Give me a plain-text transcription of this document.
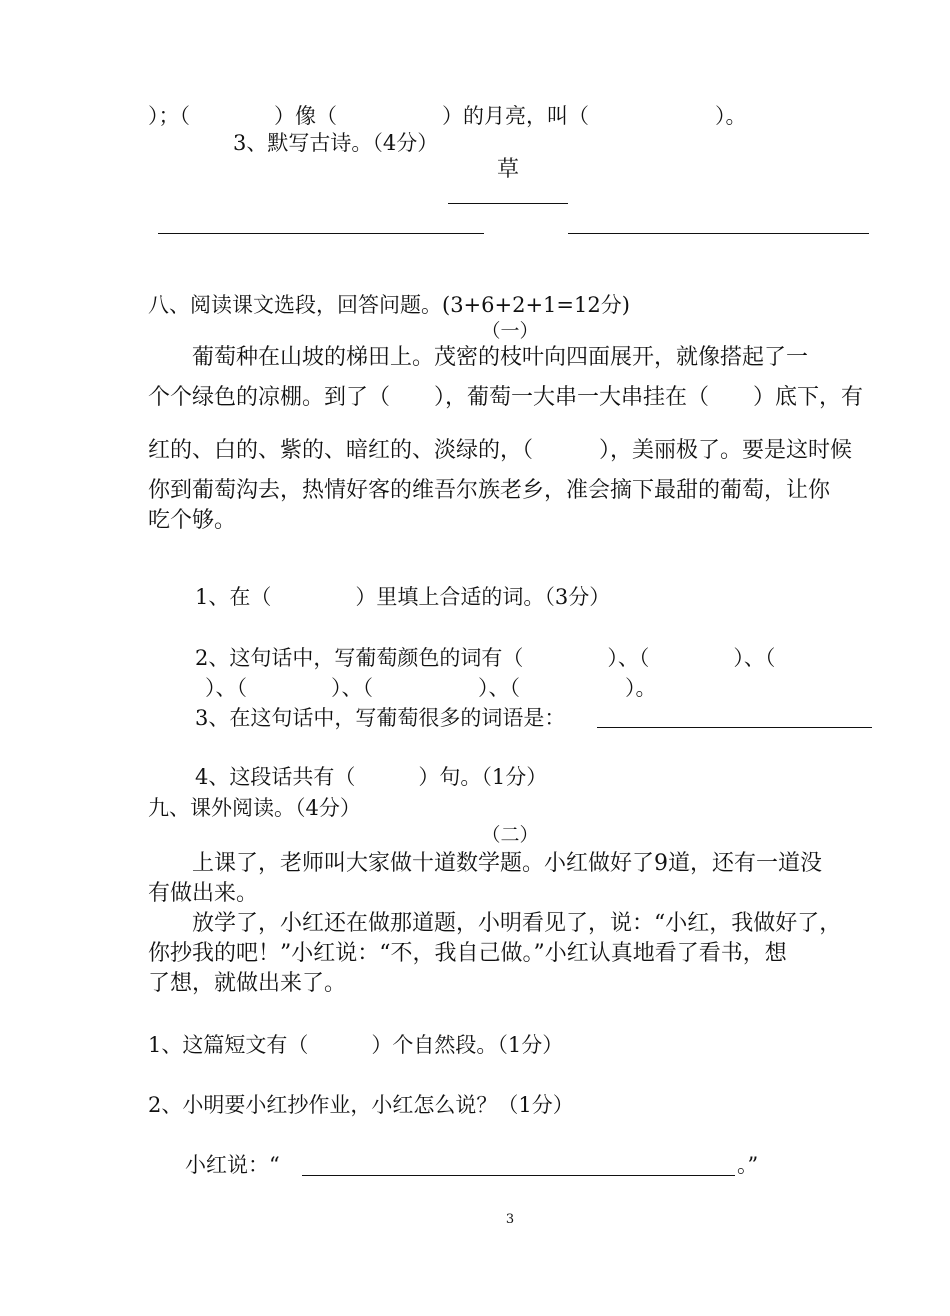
）；（　　　　）像（　　　　　）的月亮，叫（　　　　　　）。
3、默写古诗。（4分）
草
八、阅读课文选段，回答问题。(3+6+2+1=12分)
（一）
　　葡萄种在山坡的梯田上。茂密的枝叶向四面展开，就像搭起了一
个个绿色的凉棚。到了（　　），葡萄一大串一大串挂在（　　）底下，有
红的、白的、紫的、暗红的、淡绿的，（　　　），美丽极了。要是这时候
你到葡萄沟去，热情好客的维吾尔族老乡，准会摘下最甜的葡萄，让你
吃个够。
1、在（　　　　）里填上合适的词。（3分）
2、这句话中，写葡萄颜色的词有（　　　　）、（　　　　）、（
）、（　　　　）、（　　　　　）、（　　　　　）。
3、在这句话中，写葡萄很多的词语是：
4、这段话共有（　　　）句。（1分）
九、课外阅读。（4分）
（二）
　　上课了，老师叫大家做十道数学题。小红做好了9道，还有一道没
有做出来。
　　放学了，小红还在做那道题，小明看见了，说：“小红，我做好了，
你抄我的吧！”小红说：“不，我自己做。”小红认真地看了看书，想
了想，就做出来了。
1、这篇短文有（　　　）个自然段。（1分）
2、小明要小红抄作业，小红怎么说？（1分）
小红说：“	。”
3
